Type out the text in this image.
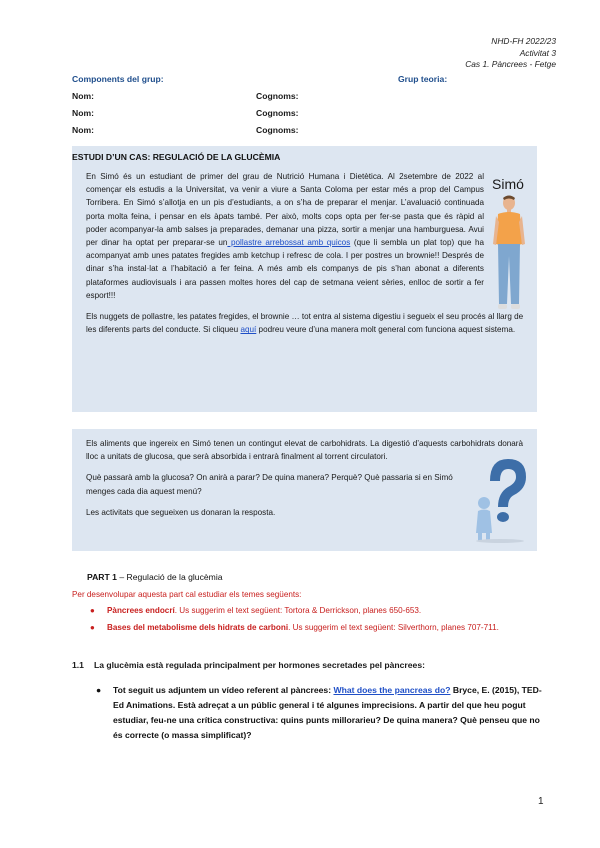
NHD-FH 2022/23
Activitat 3
Cas 1. Pàncrees - Fetge
Components del grup:	Grup teoria:
Nom:	Cognoms:
Nom:	Cognoms:
Nom:	Cognoms:
ESTUDI D’UN CAS: REGULACIÓ DE LA GLUCÈMIA
Simó

En Simó és un estudiant de primer del grau de Nutrició Humana i Dietètica. Al 2setembre de 2022 al començar els estudis a la Universitat, va venir a viure a Santa Coloma per estar més a prop del Campus Torribera. En Simó s’allotja en un pis d’estudiants, a on s’ha de preparar el menjar. L’avaluació continuada porta molta feina, i pensar en els àpats també. Per això, molts cops opta per fer-se pasta que és ràpid al poder acompanyar-la amb salses ja preparades, demanar una pizza, sortir a menjar una hamburguesa. Avui per dinar ha optat per preparar-se un pollastre arrebossat amb quicos (que li sembla un plat top) que ha acompanyat amb unes patates fregides amb ketchup i refresc de cola. I per postres un brownie!! Després de dinar s’ha instal·lat a l’habitació a fer feina. A més amb els companys de pis s’han abonat a diferents plataformes audiovisuals i ara passen moltes hores del cap de setmana veient sèries, enlloc de sortir a fer esport!!!

Els nuggets de pollastre, les patates fregides, el brownie … tot entra al sistema digestiu i segueix el seu procés al llarg de les diferents parts del conducte. Si cliqueu aquí podreu veure d’una manera molt general com funciona aquest sistema.

Els aliments que ingereix en Simó tenen un contingut elevat de carbohidrats. La digestió d’aquests carbohidrats donarà lloc a unitats de glucosa, que serà absorbida i entrarà finalment al torrent circulatori.

Què passarà amb la glucosa? On anirà a parar? De quina manera? Perquè? Què passaria si en Simó menges cada dia aquest menú?

Les activitats que segueixen us donaran la resposta.

PART 1 – Regulació de la glucèmia
Per desenvolupar aquesta part cal estudiar els temes següents:
● Pàncrees endocrí. Us suggerim el text següent: Tortora & Derrickson, planes 650-653.
● Bases del metabolisme dels hidrats de carboni. Us suggerim el text següent: Silverthorn, planes 707-711.
1.1 La glucèmia està regulada principalment per hormones secretades pel pàncrees:
● Tot seguit us adjuntem un vídeo referent al pàncrees: What does the pancreas do? Bryce, E. (2015), TED-Ed Animations. Està adreçat a un públic general i té algunes imprecisions. A partir del que heu pogut estudiar, feu-ne una crítica constructiva: quins punts millorarieu? De quina manera? Què penseu que no és correcte (o massa simplificat)?
1
